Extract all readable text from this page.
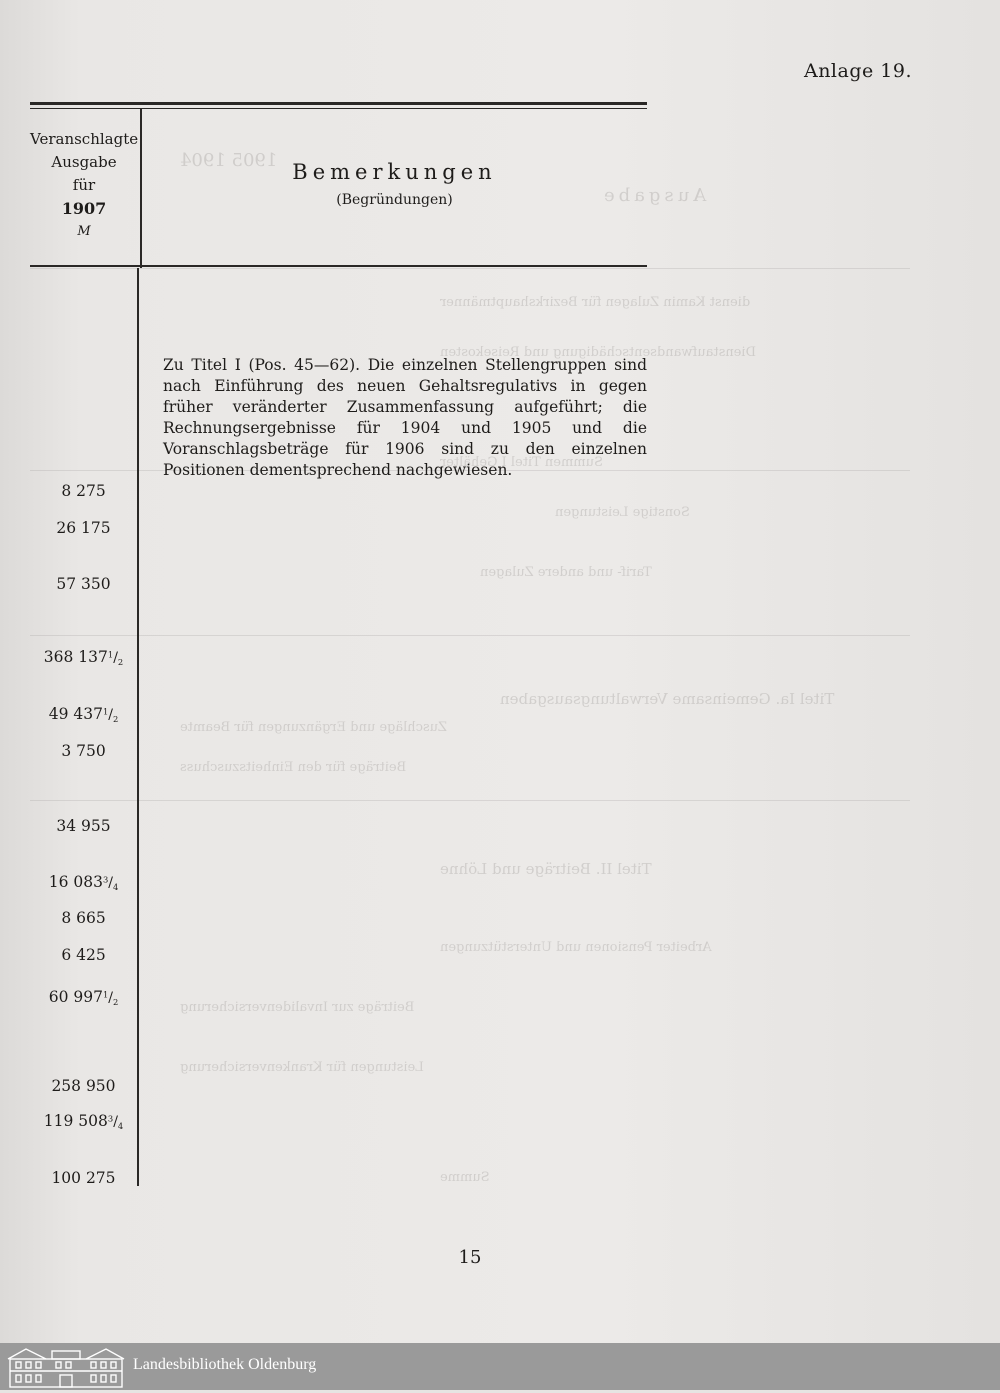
Ausgabe
1905 1904
dienst Kamin Zulagen für Bezirkshauptmänner
Dienstaufwandsentschädigung und Reisekosten
Summen Titel I Gehälter
Sonstige Leistungen
Tarif- und andere Zulagen
Titel Ia. Gemeinsame Verwaltungsausgaben
Zuschläge und Ergänzungen für Beamte
Beiträge für den Einheitszuschuss
Titel II. Beiträge und Löhne
Arbeiter Pensionen und Unterstützungen
Beiträge zur Invalidenversicherung
Leistungen für Krankenversicherung
Summe
Anlage 19.
Veranschlagte
Ausgabe
für
1907
M
Bemerkungen
(Begründungen)
Zu Titel I (Pos. 45—62). Die einzelnen Stellengruppen sind nach Einführung des neuen Gehaltsregulativs in gegen früher veränderter Zusammenfassung aufgeführt; die Rechnungsergebnisse für 1904 und 1905 und die Voranschlagsbeträge für 1906 sind zu den einzelnen Positionen dementsprechend nachgewiesen.
8 275
26 175
57 350
368 $137^1/_2$
49 $437^1/_2$
3 750
34 955
16 $083^3/_4$
8 665
6 425
60 $997^1/_2$
258 950
119 $508^3/_4$
100 275
15
Landesbibliothek Oldenburg
